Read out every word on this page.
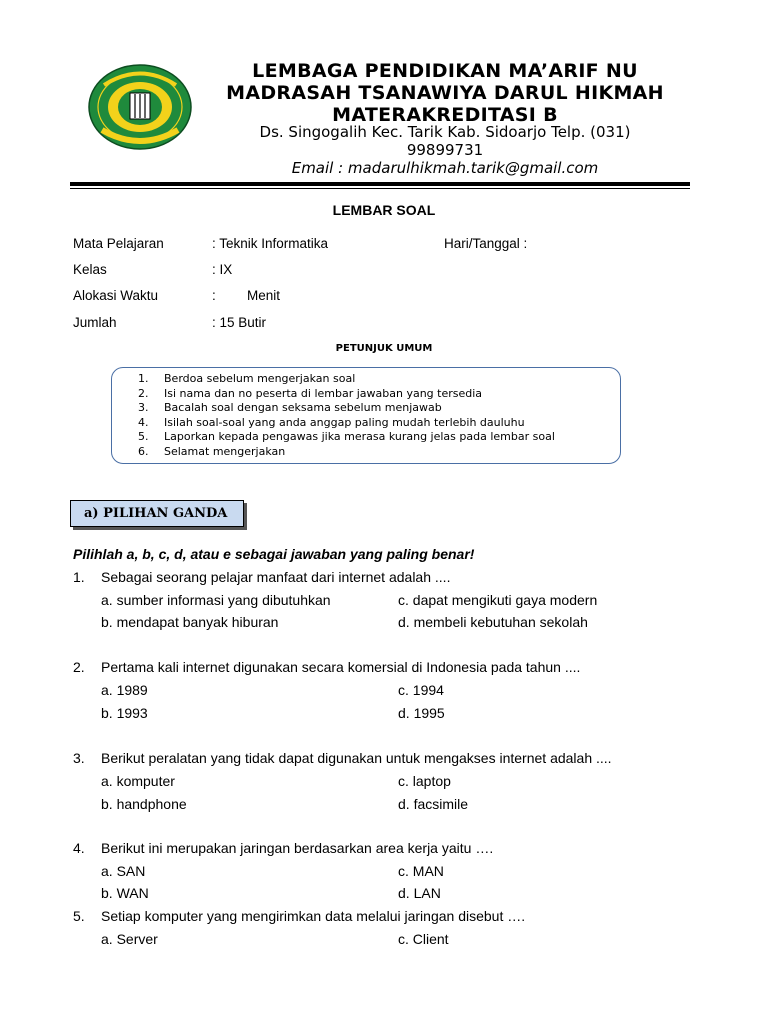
LEMBAGA PENDIDIKAN MA’ARIF NU
MADRASAH TSANAWIYA DARUL HIKMAH
MATERAKREDITASI B
Ds. Singogalih Kec. Tarik Kab. Sidoarjo Telp. (031)
99899731
Email : madarulhikmah.tarik@gmail.com
LEMBAR SOAL
Mata Pelajaran	: Teknik Informatika	Hari/Tanggal :
Kelas	: IX
Alokasi Waktu	: Menit
Jumlah	: 15 Butir
PETUNJUK UMUM
1. Berdoa sebelum mengerjakan soal
2. Isi nama dan no peserta di lembar jawaban yang tersedia
3. Bacalah soal dengan seksama sebelum menjawab
4. Isilah soal-soal yang anda anggap paling mudah terlebih dauluhu
5. Laporkan kepada pengawas jika merasa kurang jelas pada lembar soal
6. Selamat mengerjakan
a) PILIHAN GANDA
Pilihlah a, b, c, d, atau e sebagai jawaban yang paling benar!
1. Sebagai seorang pelajar manfaat dari internet adalah ....
a. sumber informasi yang dibutuhkan	c. dapat mengikuti gaya modern
b. mendapat banyak hiburan	d. membeli kebutuhan sekolah
2. Pertama kali internet digunakan secara komersial di Indonesia pada tahun ....
a. 1989	c. 1994
b. 1993	d. 1995
3. Berikut peralatan yang tidak dapat digunakan untuk mengakses internet adalah ....
a. komputer	c. laptop
b. handphone	d. facsimile
4. Berikut ini merupakan jaringan berdasarkan area kerja yaitu ….
a. SAN	c. MAN
b. WAN	d. LAN
5. Setiap komputer yang mengirimkan data melalui jaringan disebut ….
a. Server	c. Client
